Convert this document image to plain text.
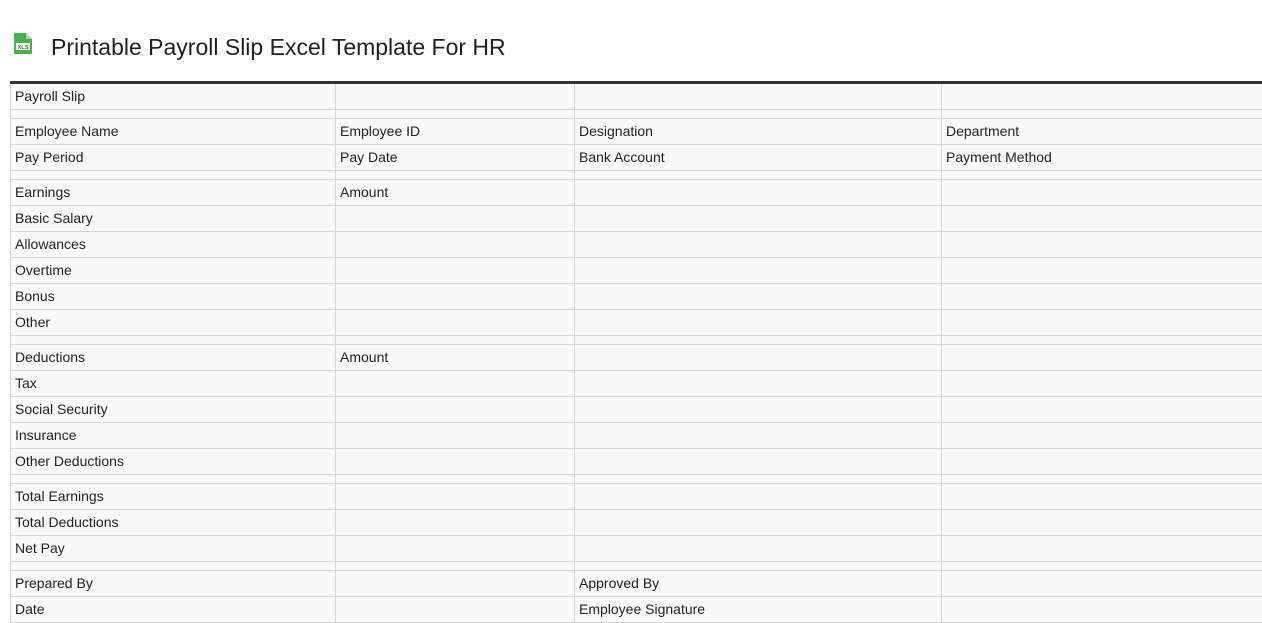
XLS Printable Payroll Slip Excel Template For HR
Payroll Slip			

Employee Name	Employee ID	Designation	Department
Pay Period	Pay Date	Bank Account	Payment Method

Earnings	Amount		
Basic Salary			
Allowances			
Overtime			
Bonus			
Other			

Deductions	Amount		
Tax			
Social Security			
Insurance			
Other Deductions			

Total Earnings			
Total Deductions			
Net Pay			

Prepared By		Approved By	
Date		Employee Signature	
